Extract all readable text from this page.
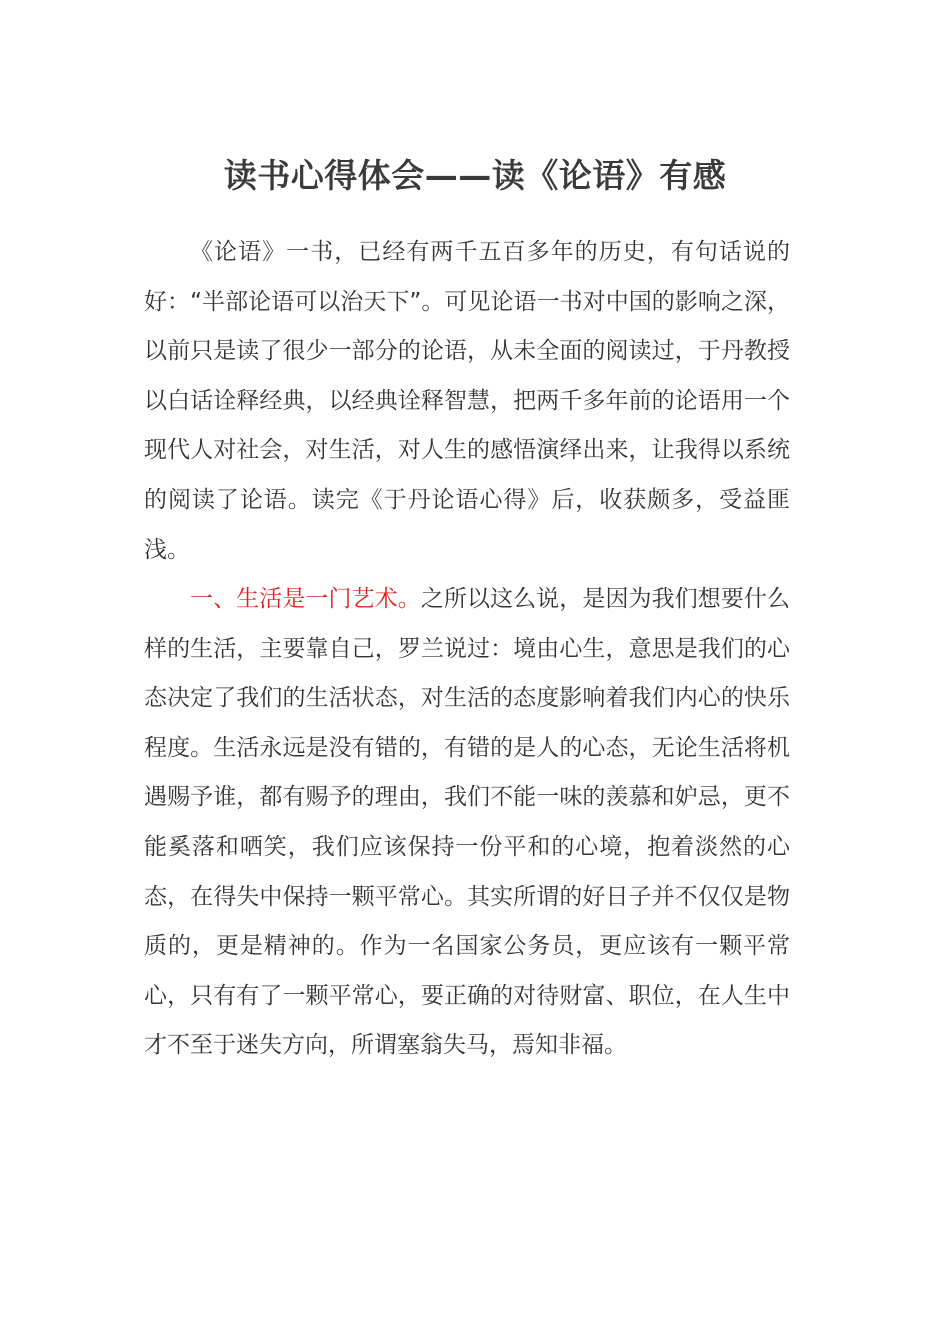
读书心得体会——读《论语》有感

《论语》一书，已经有两千五百多年的历史，有句话说的好：“半部论语可以治天下”。可见论语一书对中国的影响之深，以前只是读了很少一部分的论语，从未全面的阅读过，于丹教授以白话诠释经典，以经典诠释智慧，把两千多年前的论语用一个现代人对社会，对生活，对人生的感悟演绎出来，让我得以系统的阅读了论语。读完《于丹论语心得》后，收获颇多，受益匪浅。

一、生活是一门艺术。之所以这么说，是因为我们想要什么样的生活，主要靠自己，罗兰说过：境由心生，意思是我们的心态决定了我们的生活状态，对生活的态度影响着我们内心的快乐程度。生活永远是没有错的，有错的是人的心态，无论生活将机遇赐予谁，都有赐予的理由，我们不能一味的羡慕和妒忌，更不能奚落和哂笑，我们应该保持一份平和的心境，抱着淡然的心态，在得失中保持一颗平常心。其实所谓的好日子并不仅仅是物质的，更是精神的。作为一名国家公务员，更应该有一颗平常心，只有有了一颗平常心，要正确的对待财富、职位，在人生中才不至于迷失方向，所谓塞翁失马，焉知非福。
